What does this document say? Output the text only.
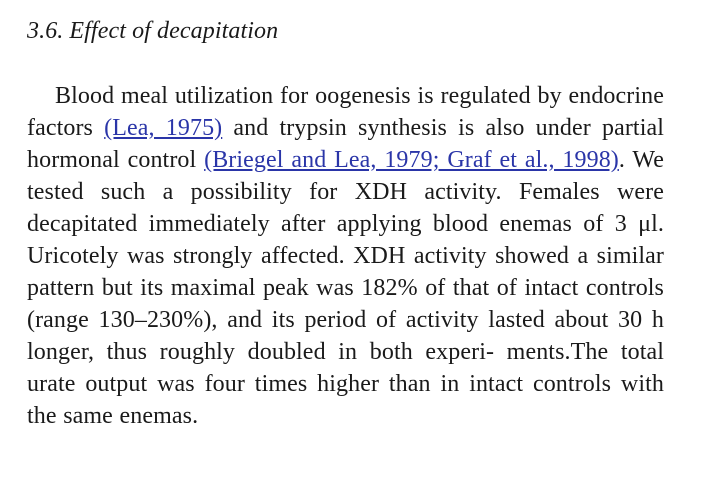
3.6. Effect of decapitation

Blood meal utilization for oogenesis is regulated by endocrine factors (Lea, 1975) and trypsin synthesis is also under partial hormonal control (Briegel and Lea, 1979; Graf et al., 1998). We tested such a possibility for XDH activity. Females were decapitated immediately after applying blood enemas of 3 μl. Uricotely was strongly affected. XDH activity showed a similar pattern but its maximal peak was 182% of that of intact controls (range 130–230%), and its period of activity lasted about 30 h longer, thus roughly doubled in both experi- ments.The total urate output was four times higher than in intact controls with the same enemas.
